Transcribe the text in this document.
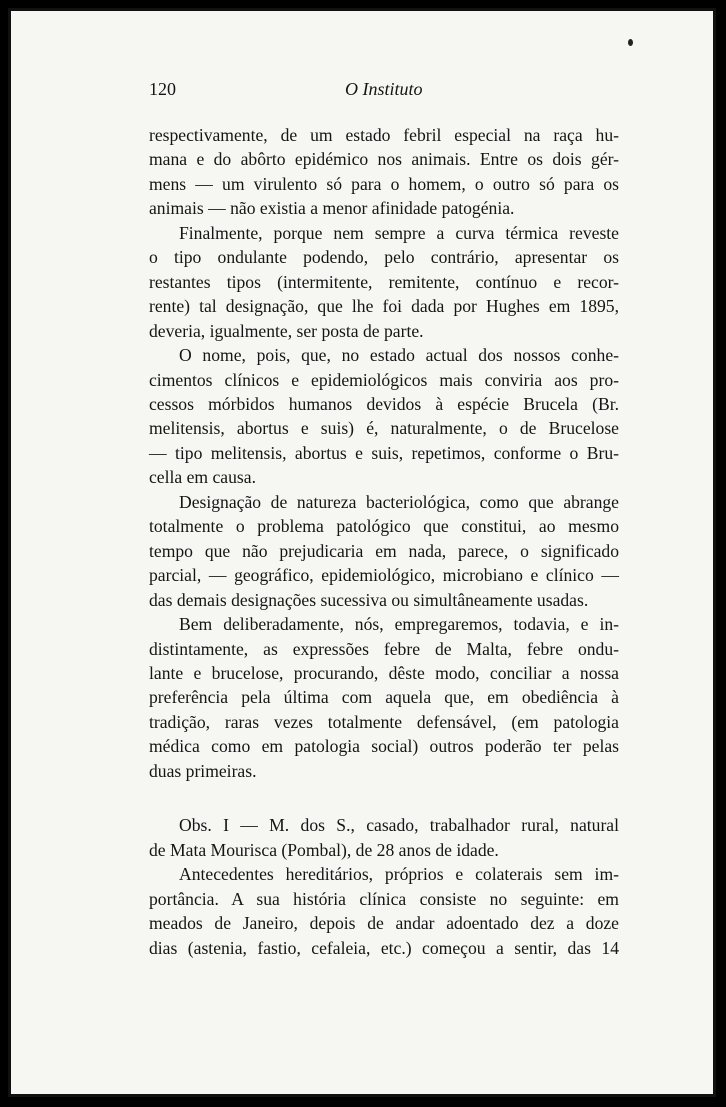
120	O Instituto

respectivamente, de um estado febril especial na raça hu-
mana e do abôrto epidémico nos animais. Entre os dois gér-
mens — um virulento só para o homem, o outro só para os
animais — não existia a menor afinidade patogénia.

Finalmente, porque nem sempre a curva térmica reveste
o tipo ondulante podendo, pelo contrário, apresentar os
restantes tipos (intermitente, remitente, contínuo e recor-
rente) tal designação, que lhe foi dada por Hughes em 1895,
deveria, igualmente, ser posta de parte.

O nome, pois, que, no estado actual dos nossos conhe-
cimentos clínicos e epidemiológicos mais conviria aos pro-
cessos mórbidos humanos devidos à espécie Brucela (Br.
melitensis, abortus e suis) é, naturalmente, o de Brucelose
— tipo melitensis, abortus e suis, repetimos, conforme o Bru-
cella em causa.

Designação de natureza bacteriológica, como que abrange
totalmente o problema patológico que constitui, ao mesmo
tempo que não prejudicaria em nada, parece, o significado
parcial, — geográfico, epidemiológico, microbiano e clínico —
das demais designações sucessiva ou simultâneamente usadas.

Bem deliberadamente, nós, empregaremos, todavia, e in-
distintamente, as expressões febre de Malta, febre ondu-
lante e brucelose, procurando, dêste modo, conciliar a nossa
preferência pela última com aquela que, em obediência à
tradição, raras vezes totalmente defensável, (em patologia
médica como em patologia social) outros poderão ter pelas
duas primeiras.

Obs. I — M. dos S., casado, trabalhador rural, natural
de Mata Mourisca (Pombal), de 28 anos de idade.

Antecedentes hereditários, próprios e colaterais sem im-
portância. A sua história clínica consiste no seguinte: em
meados de Janeiro, depois de andar adoentado dez a doze
dias (astenia, fastio, cefaleia, etc.) começou a sentir, das 14
